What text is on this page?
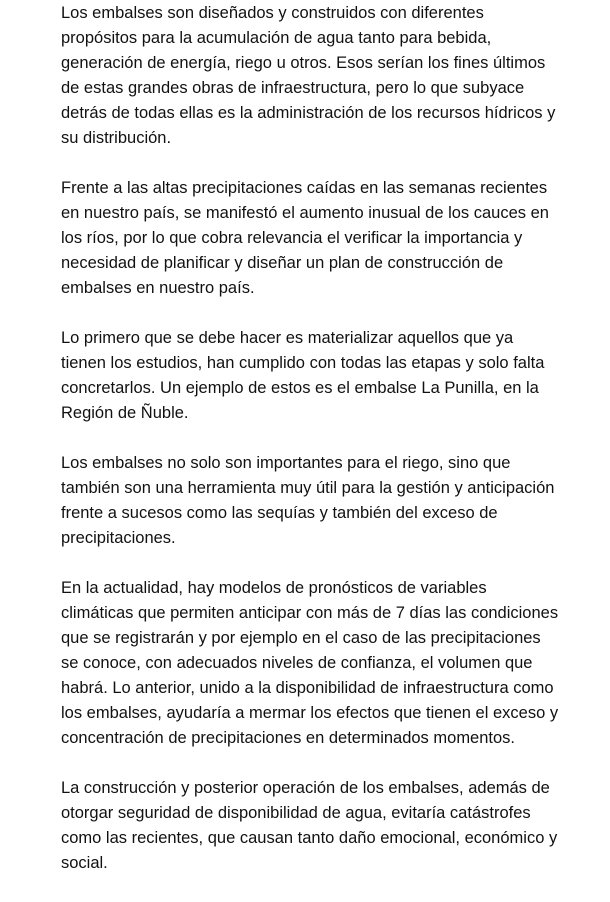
Los embalses son diseñados y construidos con diferentes propósitos para la acumulación de agua tanto para bebida, generación de energía, riego u otros. Esos serían los fines últimos de estas grandes obras de infraestructura, pero lo que subyace detrás de todas ellas es la administración de los recursos hídricos y su distribución.

Frente a las altas precipitaciones caídas en las semanas recientes en nuestro país, se manifestó el aumento inusual de los cauces en los ríos, por lo que cobra relevancia el verificar la importancia y necesidad de planificar y diseñar un plan de construcción de embalses en nuestro país.

Lo primero que se debe hacer es materializar aquellos que ya tienen los estudios, han cumplido con todas las etapas y solo falta concretarlos. Un ejemplo de estos es el embalse La Punilla, en la Región de Ñuble.

Los embalses no solo son importantes para el riego, sino que también son una herramienta muy útil para la gestión y anticipación frente a sucesos como las sequías y también del exceso de precipitaciones.

En la actualidad, hay modelos de pronósticos de variables climáticas que permiten anticipar con más de 7 días las condiciones que se registrarán y por ejemplo en el caso de las precipitaciones se conoce, con adecuados niveles de confianza, el volumen que habrá. Lo anterior, unido a la disponibilidad de infraestructura como los embalses, ayudaría a mermar los efectos que tienen el exceso y concentración de precipitaciones en determinados momentos.

La construcción y posterior operación de los embalses, además de otorgar seguridad de disponibilidad de agua, evitaría catástrofes como las recientes, que causan tanto daño emocional, económico y social.
